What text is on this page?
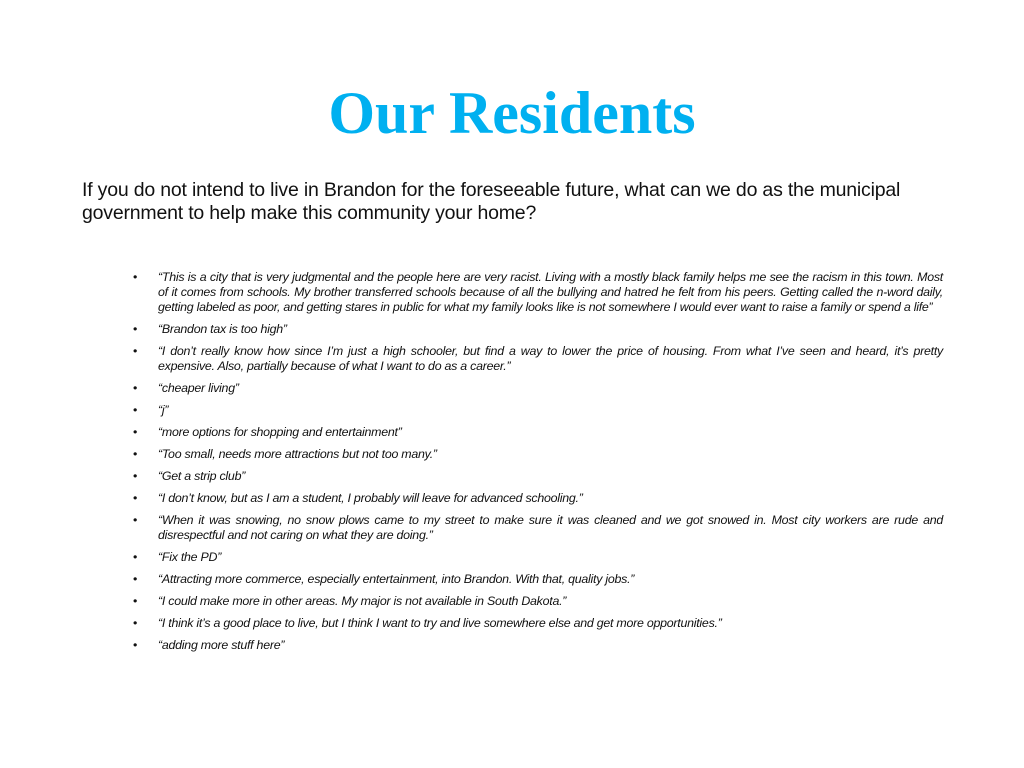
Our Residents
If you do not intend to live in Brandon for the foreseeable future, what can we do as the municipal government to help make this community your home?
• “This is a city that is very judgmental and the people here are very racist. Living with a mostly black family helps me see the racism in this town. Most of it comes from schools. My brother transferred schools because of all the bullying and hatred he felt from his peers. Getting called the n-word daily, getting labeled as poor, and getting stares in public for what my family looks like is not somewhere I would ever want to raise a family or spend a life”
• “Brandon tax is too high”
• “I don’t really know how since I’m just a high schooler, but find a way to lower the price of housing. From what I’ve seen and heard, it’s pretty expensive. Also, partially because of what I want to do as a career.”
• “cheaper living”
• “j”
• “more options for shopping and entertainment”
• “Too small, needs more attractions but not too many.”
• “Get a strip club”
• “I don’t know, but as I am a student, I probably will leave for advanced schooling.”
• “When it was snowing, no snow plows came to my street to make sure it was cleaned and we got snowed in. Most city workers are rude and disrespectful and not caring on what they are doing.”
• “Fix the PD”
• “Attracting more commerce, especially entertainment, into Brandon. With that, quality jobs.”
• “I could make more in other areas. My major is not available in South Dakota.”
• “I think it’s a good place to live, but I think I want to try and live somewhere else and get more opportunities.”
• “adding more stuff here”
